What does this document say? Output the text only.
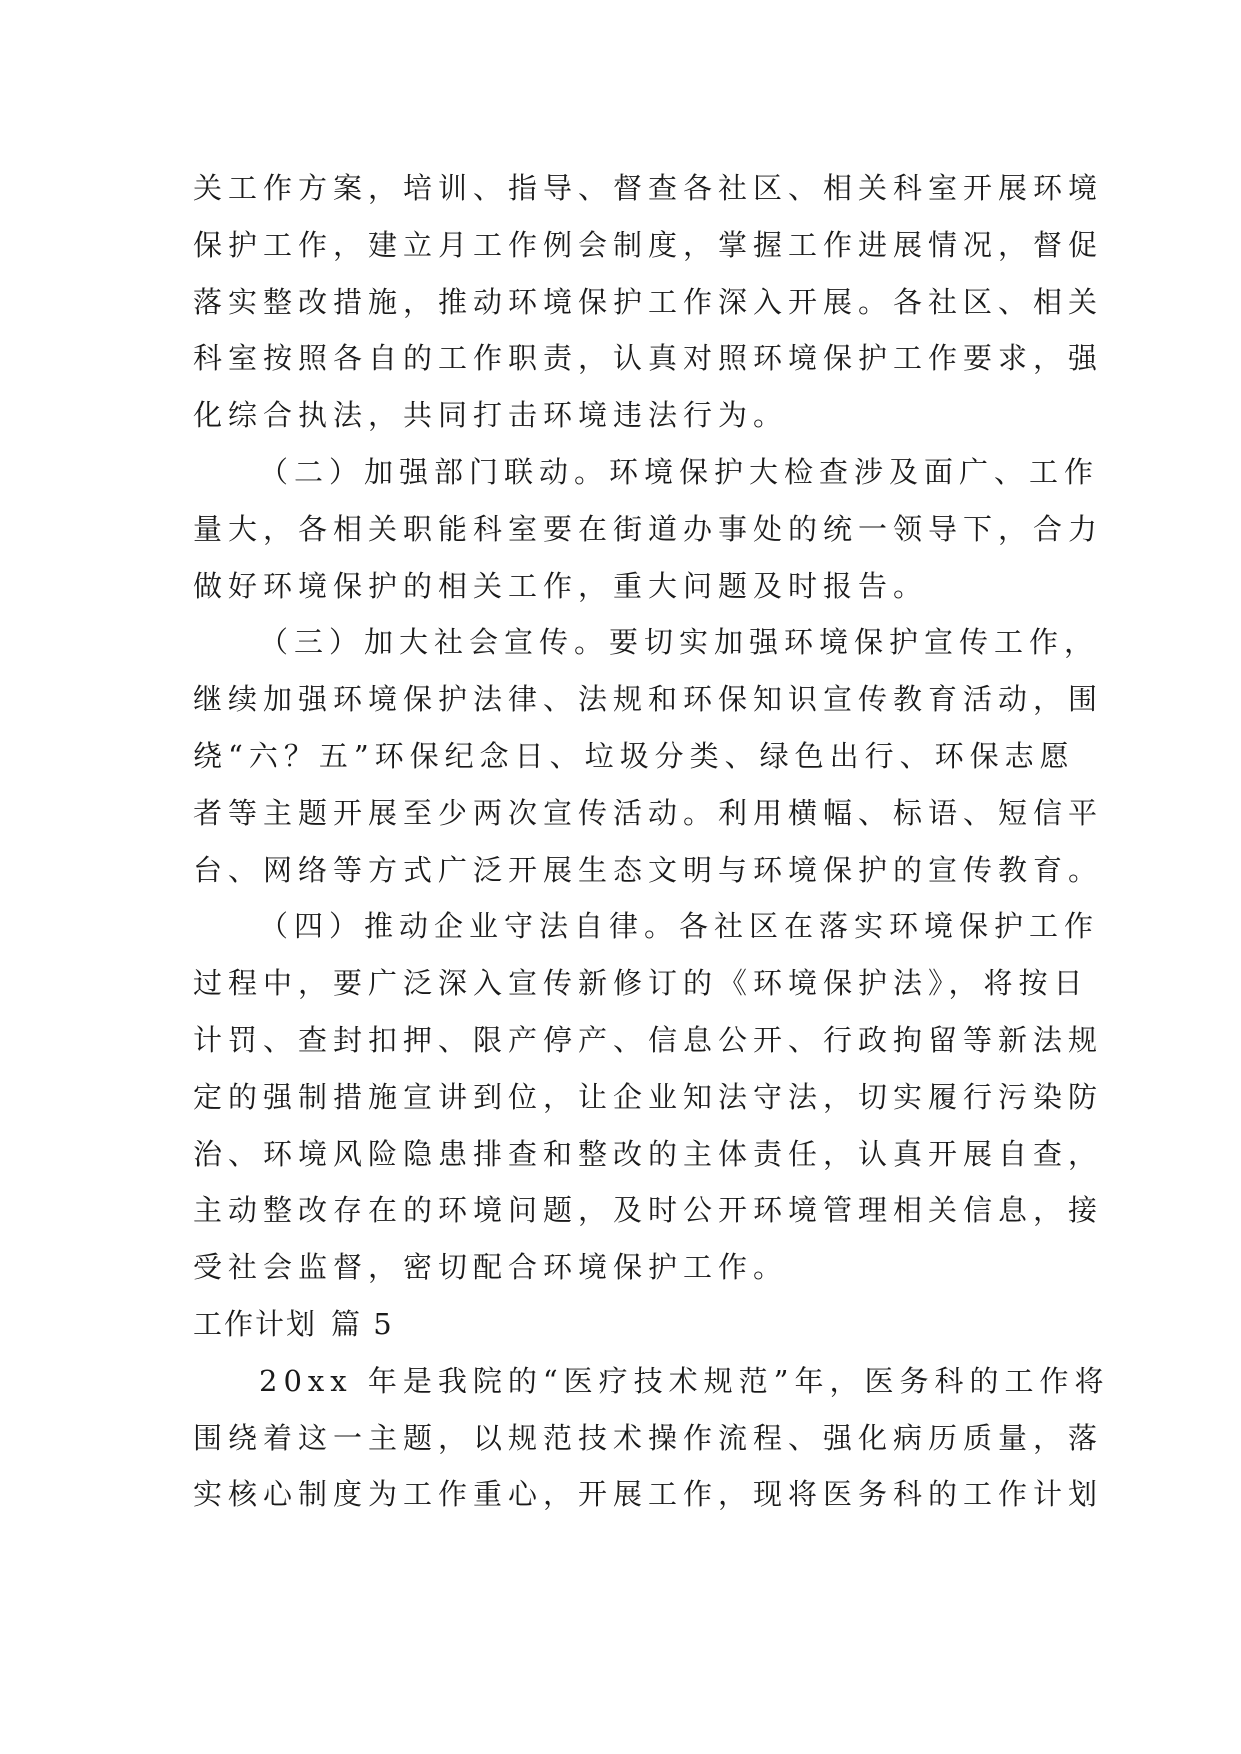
关工作方案，培训、指导、督查各社区、相关科室开展环境
保护工作，建立月工作例会制度，掌握工作进展情况，督促
落实整改措施，推动环境保护工作深入开展。各社区、相关
科室按照各自的工作职责，认真对照环境保护工作要求，强
化综合执法，共同打击环境违法行为。
（二）加强部门联动。环境保护大检查涉及面广、工作
量大，各相关职能科室要在街道办事处的统一领导下，合力
做好环境保护的相关工作，重大问题及时报告。
（三）加大社会宣传。要切实加强环境保护宣传工作，
继续加强环境保护法律、法规和环保知识宣传教育活动，围
绕“六？五”环保纪念日、垃圾分类、绿色出行、环保志愿
者等主题开展至少两次宣传活动。利用横幅、标语、短信平
台、网络等方式广泛开展生态文明与环境保护的宣传教育。
（四）推动企业守法自律。各社区在落实环境保护工作
过程中，要广泛深入宣传新修订的《环境保护法》，将按日
计罚、查封扣押、限产停产、信息公开、行政拘留等新法规
定的强制措施宣讲到位，让企业知法守法，切实履行污染防
治、环境风险隐患排查和整改的主体责任，认真开展自查，
主动整改存在的环境问题，及时公开环境管理相关信息，接
受社会监督，密切配合环境保护工作。
工作计划 篇 5
20xx 年是我院的“医疗技术规范”年，医务科的工作将
围绕着这一主题，以规范技术操作流程、强化病历质量，落
实核心制度为工作重心，开展工作，现将医务科的工作计划
